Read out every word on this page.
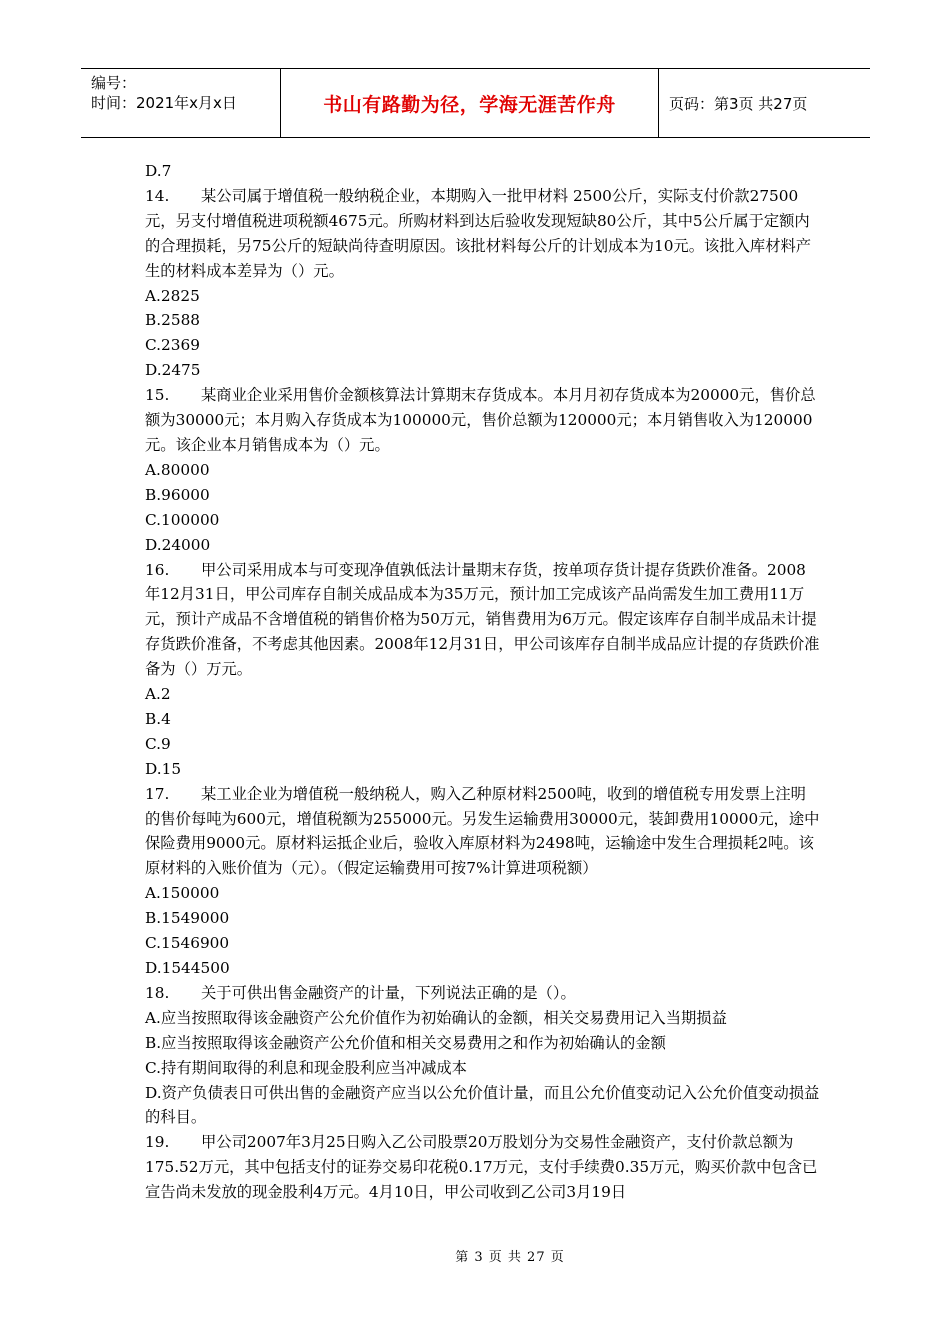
编号：
时间：2021年x月x日	书山有路勤为径，学海无涯苦作舟	页码：第3页 共27页

D.7

14. 某公司属于增值税一般纳税企业，本期购入一批甲材料 2500公斤，实际支付价款27500元，另支付增值税进项税额4675元。所购材料到达后验收发现短缺80公斤，其中5公斤属于定额内的合理损耗，另75公斤的短缺尚待查明原因。该批材料每公斤的计划成本为10元。该批入库材料产生的材料成本差异为（）元。

A.2825

B.2588

C.2369

D.2475

15. 某商业企业采用售价金额核算法计算期末存货成本。本月月初存货成本为20000元，售价总额为30000元；本月购入存货成本为100000元，售价总额为120000元；本月销售收入为120000元。该企业本月销售成本为（）元。

A.80000

B.96000

C.100000

D.24000

16. 甲公司采用成本与可变现净值孰低法计量期末存货，按单项存货计提存货跌价准备。2008年12月31日，甲公司库存自制关成品成本为35万元，预计加工完成该产品尚需发生加工费用11万元，预计产成品不含增值税的销售价格为50万元，销售费用为6万元。假定该库存自制半成品未计提存货跌价准备，不考虑其他因素。2008年12月31日，甲公司该库存自制半成品应计提的存货跌价准备为（）万元。

A.2

B.4

C.9

D.15

17. 某工业企业为增值税一般纳税人，购入乙种原材料2500吨，收到的增值税专用发票上注明的售价每吨为600元，增值税额为255000元。另发生运输费用30000元，装卸费用10000元，途中保险费用9000元。原材料运抵企业后，验收入库原材料为2498吨，运输途中发生合理损耗2吨。该原材料的入账价值为（元）。（假定运输费用可按7%计算进项税额）

A.150000

B.1549000

C.1546900

D.1544500

18. 关于可供出售金融资产的计量，下列说法正确的是（）。

A.应当按照取得该金融资产公允价值作为初始确认的金额，相关交易费用记入当期损益

B.应当按照取得该金融资产公允价值和相关交易费用之和作为初始确认的金额

C.持有期间取得的利息和现金股利应当冲减成本

D.资产负债表日可供出售的金融资产应当以公允价值计量，而且公允价值变动记入公允价值变动损益的科目。

19. 甲公司2007年3月25日购入乙公司股票20万股划分为交易性金融资产，支付价款总额为175.52万元，其中包括支付的证券交易印花税0.17万元，支付手续费0.35万元，购买价款中包含已宣告尚未发放的现金股利4万元。4月10日，甲公司收到乙公司3月19日

第 3 页 共 27 页
